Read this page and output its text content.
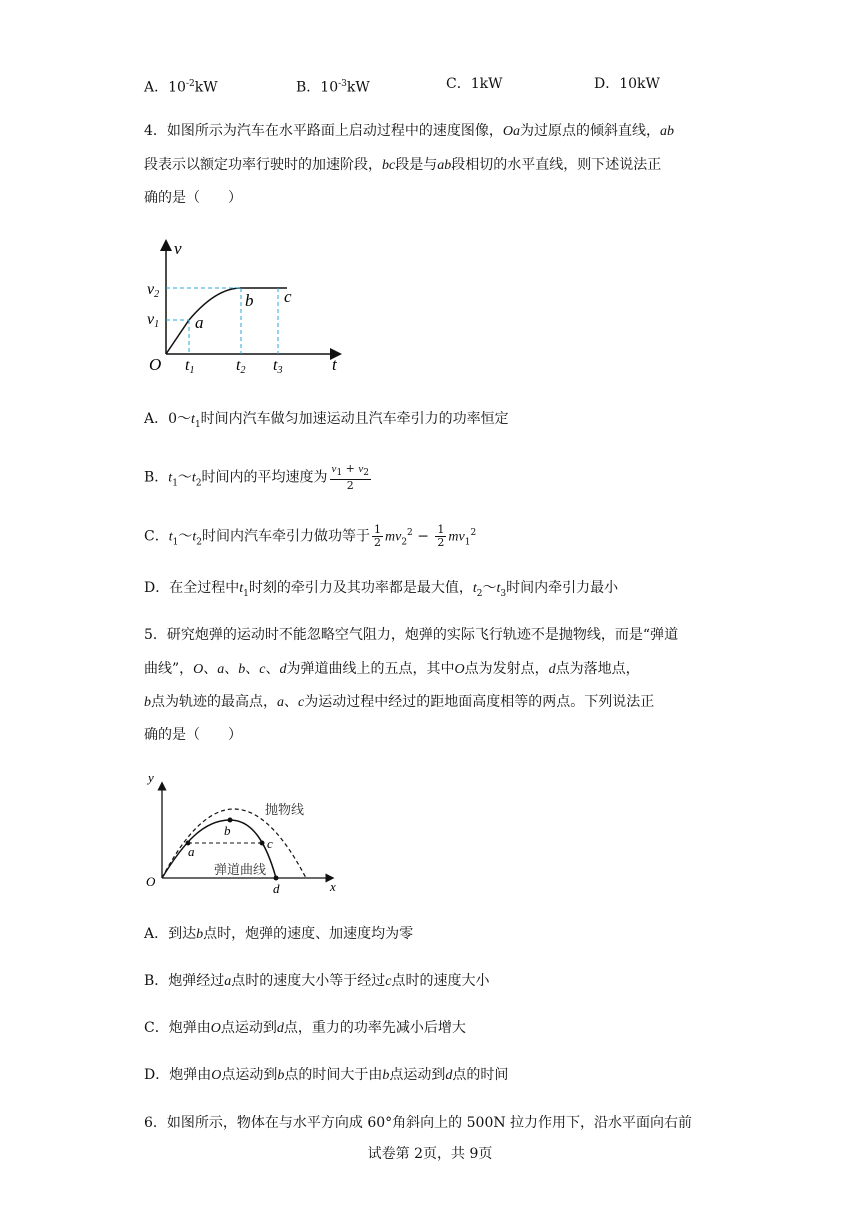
A．$10^{-2}kW$	B．$10^{-3}kW$	C．1kW	D．10kW
4．如图所示为汽车在水平路面上启动过程中的速度图像，Oa为过原点的倾斜直线，ab
段表示以额定功率行驶时的加速阶段，bc段是与ab段相切的水平直线，则下述说法正
确的是（　　）
v
t
O
v2
v1
t1	t2 t3
a
b c
A．$0\sim t_1$时间内汽车做匀加速运动且汽车牵引力的功率恒定
B．$t_1\sim t_2$时间内的平均速度为 $\frac{v_1 + v_2}{2}$
C．$t_1\sim t_2$时间内汽车牵引力做功等于 $\frac{1}{2} mv_2^2 - \frac{1}{2} mv_1^2$
D．在全过程中$t_1$时刻的牵引力及其功率都是最大值，$t_2\sim t_3$时间内牵引力最小
5．研究炮弹的运动时不能忽略空气阻力，炮弹的实际飞行轨迹不是抛物线，而是“弹道
曲线”，O、a、b、c、d为弹道曲线上的五点，其中O点为发射点，d点为落地点，
b点为轨迹的最高点，a、c为运动过程中经过的距地面高度相等的两点。下列说法正
确的是（　　）
y
x
O
抛物线
弹道曲线
a
b
c
d
A．到达b点时，炮弹的速度、加速度均为零
B．炮弹经过a点时的速度大小等于经过c点时的速度大小
C．炮弹由O点运动到d点，重力的功率先减小后增大
D．炮弹由O点运动到b点的时间大于由b点运动到d点的时间
6．如图所示，物体在与水平方向成 60°角斜向上的 500N 拉力作用下，沿水平面向右前
试卷第 2页，共 9页
